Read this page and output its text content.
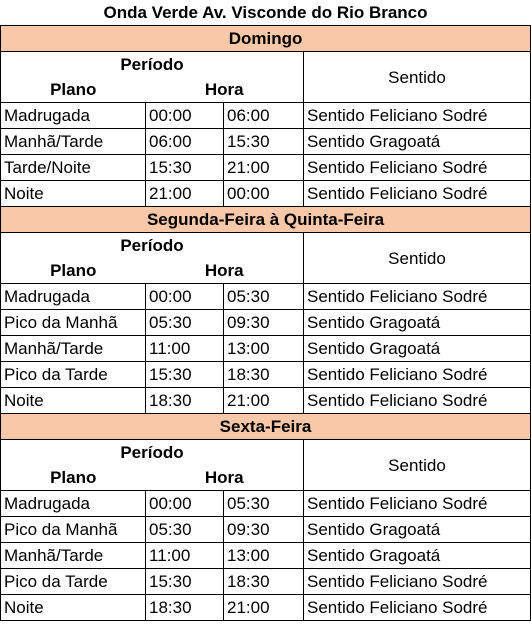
Onda Verde Av. Visconde do Rio Branco			
Domingo			
Período			Sentido
Plano	Hora		
Madrugada	00:00	06:00	Sentido Feliciano Sodré
Manhã/Tarde	06:00	15:30	Sentido Gragoatá
Tarde/Noite	15:30	21:00	Sentido Feliciano Sodré
Noite	21:00	00:00	Sentido Feliciano Sodré
Segunda-Feira à Quinta-Feira			
Período			Sentido
Plano	Hora		
Madrugada	00:00	05:30	Sentido Feliciano Sodré
Pico da Manhã	05:30	09:30	Sentido Gragoatá
Manhã/Tarde	11:00	13:00	Sentido Gragoatá
Pico da Tarde	15:30	18:30	Sentido Feliciano Sodré
Noite	18:30	21:00	Sentido Feliciano Sodré
Sexta-Feira			
Período			Sentido
Plano	Hora		
Madrugada	00:00	05:30	Sentido Feliciano Sodré
Pico da Manhã	05:30	09:30	Sentido Gragoatá
Manhã/Tarde	11:00	13:00	Sentido Gragoatá
Pico da Tarde	15:30	18:30	Sentido Feliciano Sodré
Noite	18:30	21:00	Sentido Feliciano Sodré
